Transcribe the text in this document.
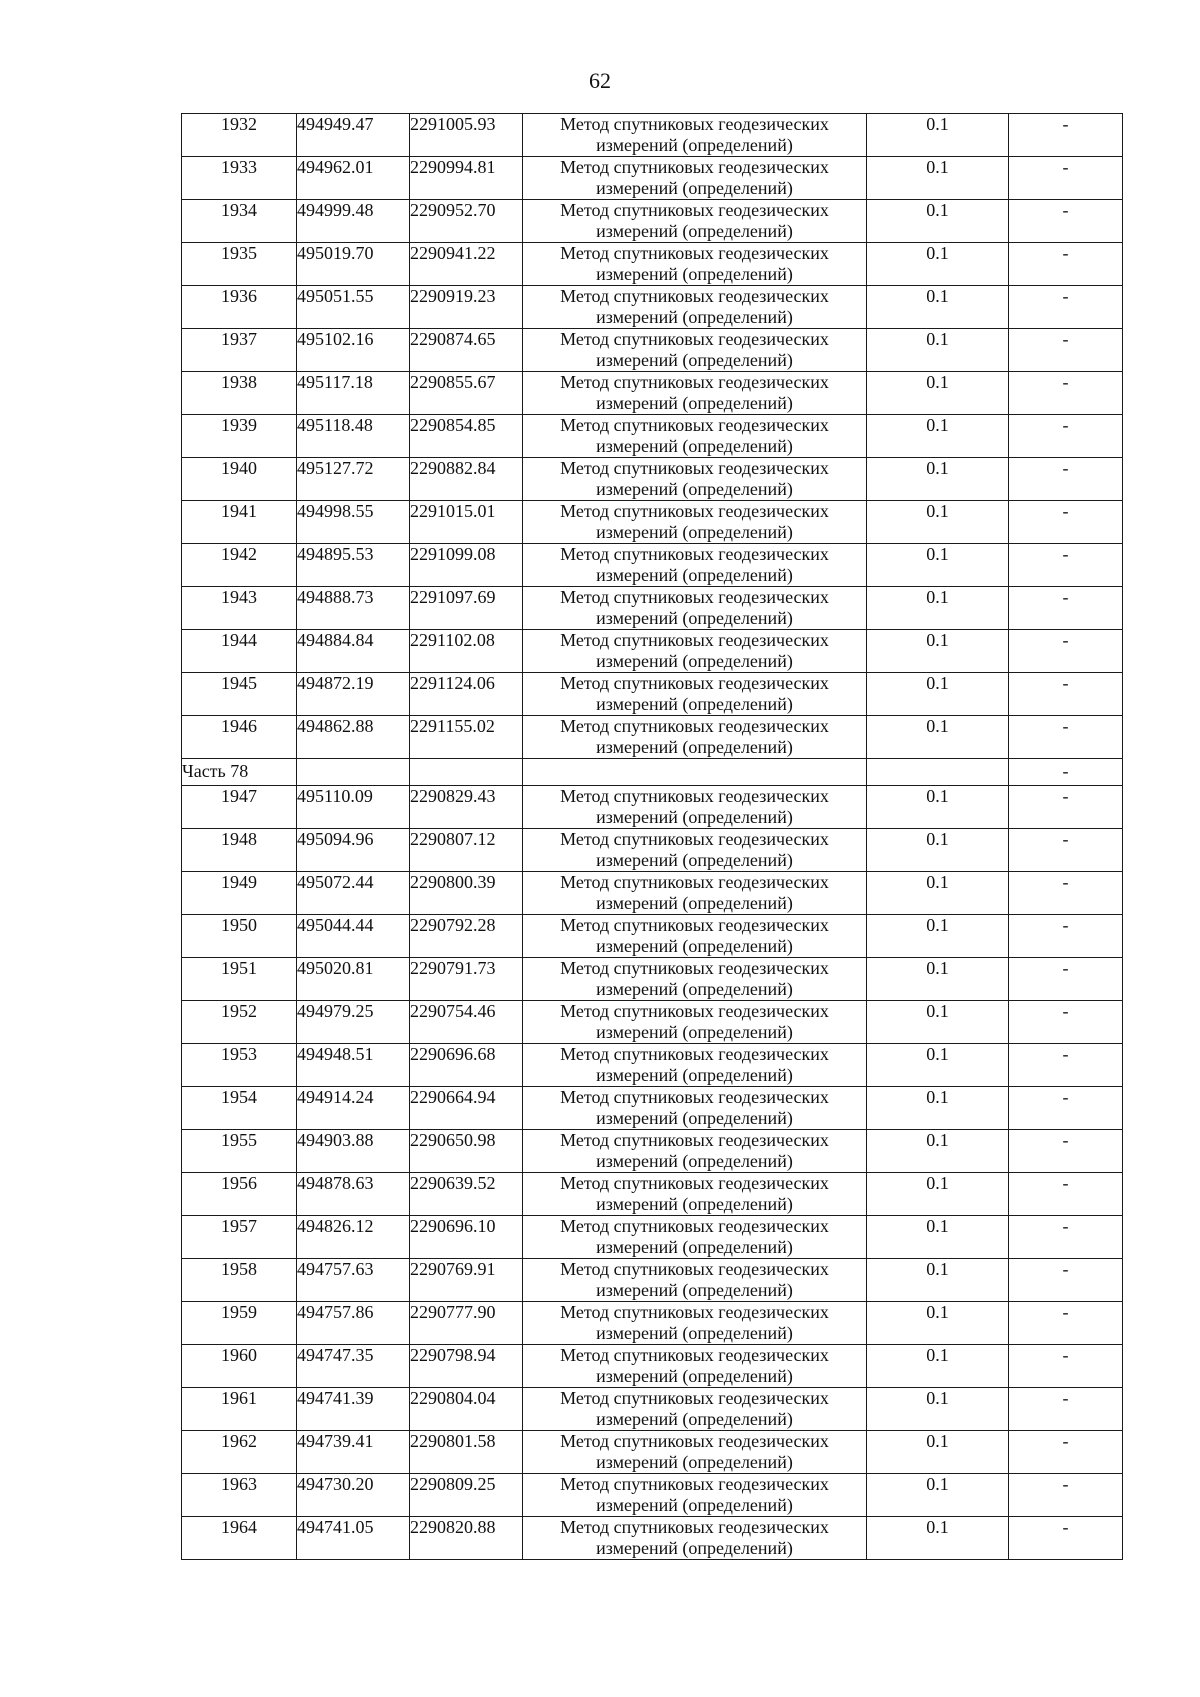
62
1932	494949.47	2291005.93	Метод спутниковых геодезических
измерений (определений)	0.1	-
1933	494962.01	2290994.81	Метод спутниковых геодезических
измерений (определений)	0.1	-
1934	494999.48	2290952.70	Метод спутниковых геодезических
измерений (определений)	0.1	-
1935	495019.70	2290941.22	Метод спутниковых геодезических
измерений (определений)	0.1	-
1936	495051.55	2290919.23	Метод спутниковых геодезических
измерений (определений)	0.1	-
1937	495102.16	2290874.65	Метод спутниковых геодезических
измерений (определений)	0.1	-
1938	495117.18	2290855.67	Метод спутниковых геодезических
измерений (определений)	0.1	-
1939	495118.48	2290854.85	Метод спутниковых геодезических
измерений (определений)	0.1	-
1940	495127.72	2290882.84	Метод спутниковых геодезических
измерений (определений)	0.1	-
1941	494998.55	2291015.01	Метод спутниковых геодезических
измерений (определений)	0.1	-
1942	494895.53	2291099.08	Метод спутниковых геодезических
измерений (определений)	0.1	-
1943	494888.73	2291097.69	Метод спутниковых геодезических
измерений (определений)	0.1	-
1944	494884.84	2291102.08	Метод спутниковых геодезических
измерений (определений)	0.1	-
1945	494872.19	2291124.06	Метод спутниковых геодезических
измерений (определений)	0.1	-
1946	494862.88	2291155.02	Метод спутниковых геодезических
измерений (определений)	0.1	-
Часть 78					-
1947	495110.09	2290829.43	Метод спутниковых геодезических
измерений (определений)	0.1	-
1948	495094.96	2290807.12	Метод спутниковых геодезических
измерений (определений)	0.1	-
1949	495072.44	2290800.39	Метод спутниковых геодезических
измерений (определений)	0.1	-
1950	495044.44	2290792.28	Метод спутниковых геодезических
измерений (определений)	0.1	-
1951	495020.81	2290791.73	Метод спутниковых геодезических
измерений (определений)	0.1	-
1952	494979.25	2290754.46	Метод спутниковых геодезических
измерений (определений)	0.1	-
1953	494948.51	2290696.68	Метод спутниковых геодезических
измерений (определений)	0.1	-
1954	494914.24	2290664.94	Метод спутниковых геодезических
измерений (определений)	0.1	-
1955	494903.88	2290650.98	Метод спутниковых геодезических
измерений (определений)	0.1	-
1956	494878.63	2290639.52	Метод спутниковых геодезических
измерений (определений)	0.1	-
1957	494826.12	2290696.10	Метод спутниковых геодезических
измерений (определений)	0.1	-
1958	494757.63	2290769.91	Метод спутниковых геодезических
измерений (определений)	0.1	-
1959	494757.86	2290777.90	Метод спутниковых геодезических
измерений (определений)	0.1	-
1960	494747.35	2290798.94	Метод спутниковых геодезических
измерений (определений)	0.1	-
1961	494741.39	2290804.04	Метод спутниковых геодезических
измерений (определений)	0.1	-
1962	494739.41	2290801.58	Метод спутниковых геодезических
измерений (определений)	0.1	-
1963	494730.20	2290809.25	Метод спутниковых геодезических
измерений (определений)	0.1	-
1964	494741.05	2290820.88	Метод спутниковых геодезических
измерений (определений)	0.1	-
